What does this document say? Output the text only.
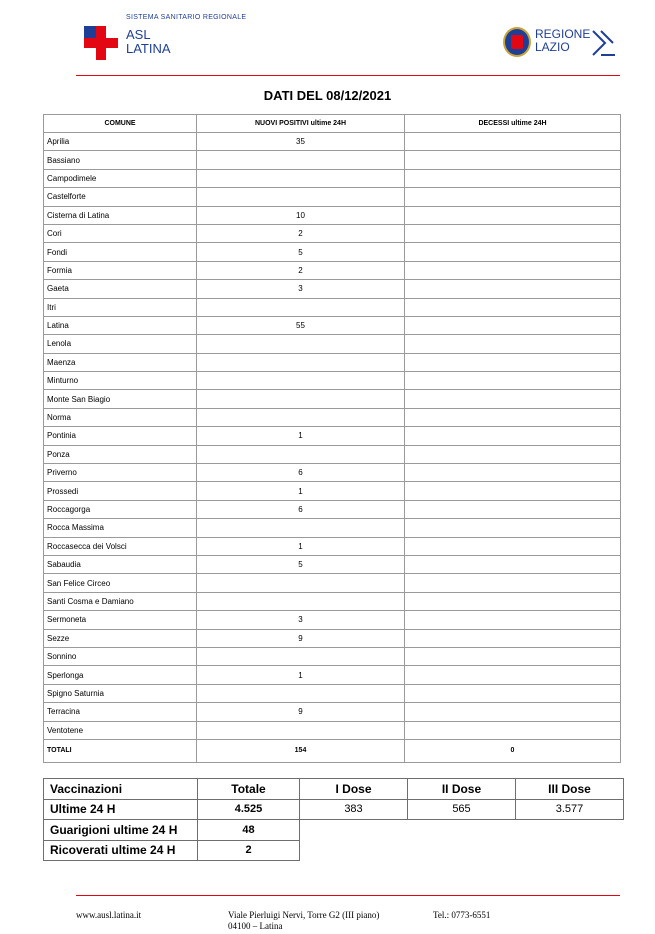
SISTEMA SANITARIO REGIONALE
ASL
LATINA
REGIONE
LAZIO
DATI DEL 08/12/2021
COMUNE	NUOVI POSITIVI ultime 24H	DECESSI ultime 24H
Aprilia	35	
Bassiano		
Campodimele		
Castelforte		
Cisterna di Latina	10	
Cori	2	
Fondi	5	
Formia	2	
Gaeta	3	
Itri		
Latina	55	
Lenola		
Maenza		
Minturno		
Monte San Biagio		
Norma		
Pontinia	1	
Ponza		
Priverno	6	
Prossedi	1	
Roccagorga	6	
Rocca Massima		
Roccasecca dei Volsci	1	
Sabaudia	5	
San Felice Circeo		
Santi Cosma e Damiano		
Sermoneta	3	
Sezze	9	
Sonnino		
Sperlonga	1	
Spigno Saturnia		
Terracina	9	
Ventotene		
TOTALI	154	0
Vaccinazioni	Totale	I Dose	II Dose	III Dose
Ultime 24 H	4.525	383	565	3.577
Guarigioni ultime 24 H	48			
Ricoverati ultime 24 H	2			
www.ausl.latina.it	Viale Pierluigi Nervi, Torre G2 (III piano)
04100 – Latina
Tel.: 0773-6551
